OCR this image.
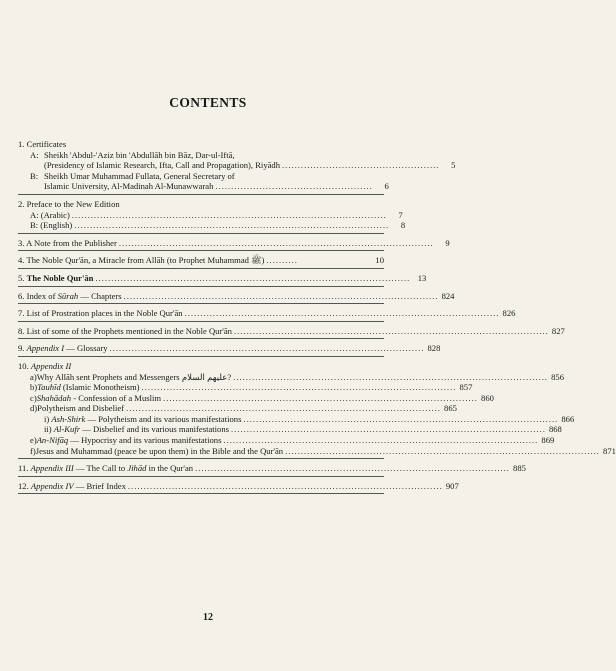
CONTENTS
1. Certificates
A: Sheikh 'Abdul-'Aziz bin 'Abdullāh bin Bāz, Dar-ul-Iftā,
(Presidency of Islamic Research, Ifta, Call and Propagation), Riyādh ..................................................	5
B: Sheikh Umar Muhammad Fullata, General Secretary of
Islamic University, Al-Madinah Al-Munawwarah ..................................................	6
2. Preface to the New Edition
A: (Arabic) ....................................................................................................	7
B: (English) ....................................................................................................	8
3. A Note from the Publisher ....................................................................................................	9
4. The Noble Qur'ān, a Miracle from Allāh (to Prophet Muhammad ﷺ) ..........	10
5. The Noble Qur'ān .................................................................................................... 13
6. Index of Sūrah — Chapters .................................................................................................... 824
7. List of Prostration places in the Noble Qur'ān .................................................................................................... 826
8. List of some of the Prophets mentioned in the Noble Qur'ān .................................................................................................... 827
9. Appendix I — Glossary .................................................................................................... 828
10. Appendix II
a) Why Allāh sent Prophets and Messengers عليهم السلام? .................................................................................................... 856
b) Tauhīd (Islamic Monotheism) .................................................................................................... 857
c) Shahādah - Confession of a Muslim .................................................................................................... 860
d) Polytheism and Disbelief .................................................................................................... 865
i) Ash-Shirk — Polytheism and its various manifestations .................................................................................................... 866
ii) Al-Kufr — Disbelief and its various manifestations .................................................................................................... 868
e) An-Nifāq — Hypocrisy and its various manifestations .................................................................................................... 869
f) Jesus and Muhammad (peace be upon them) in the Bible and the Qur'ān .................................................................................................... 871
11. Appendix III — The Call to Jihād in the Qur'an .................................................................................................... 885
12. Appendix IV — Brief Index .................................................................................................... 907
12
